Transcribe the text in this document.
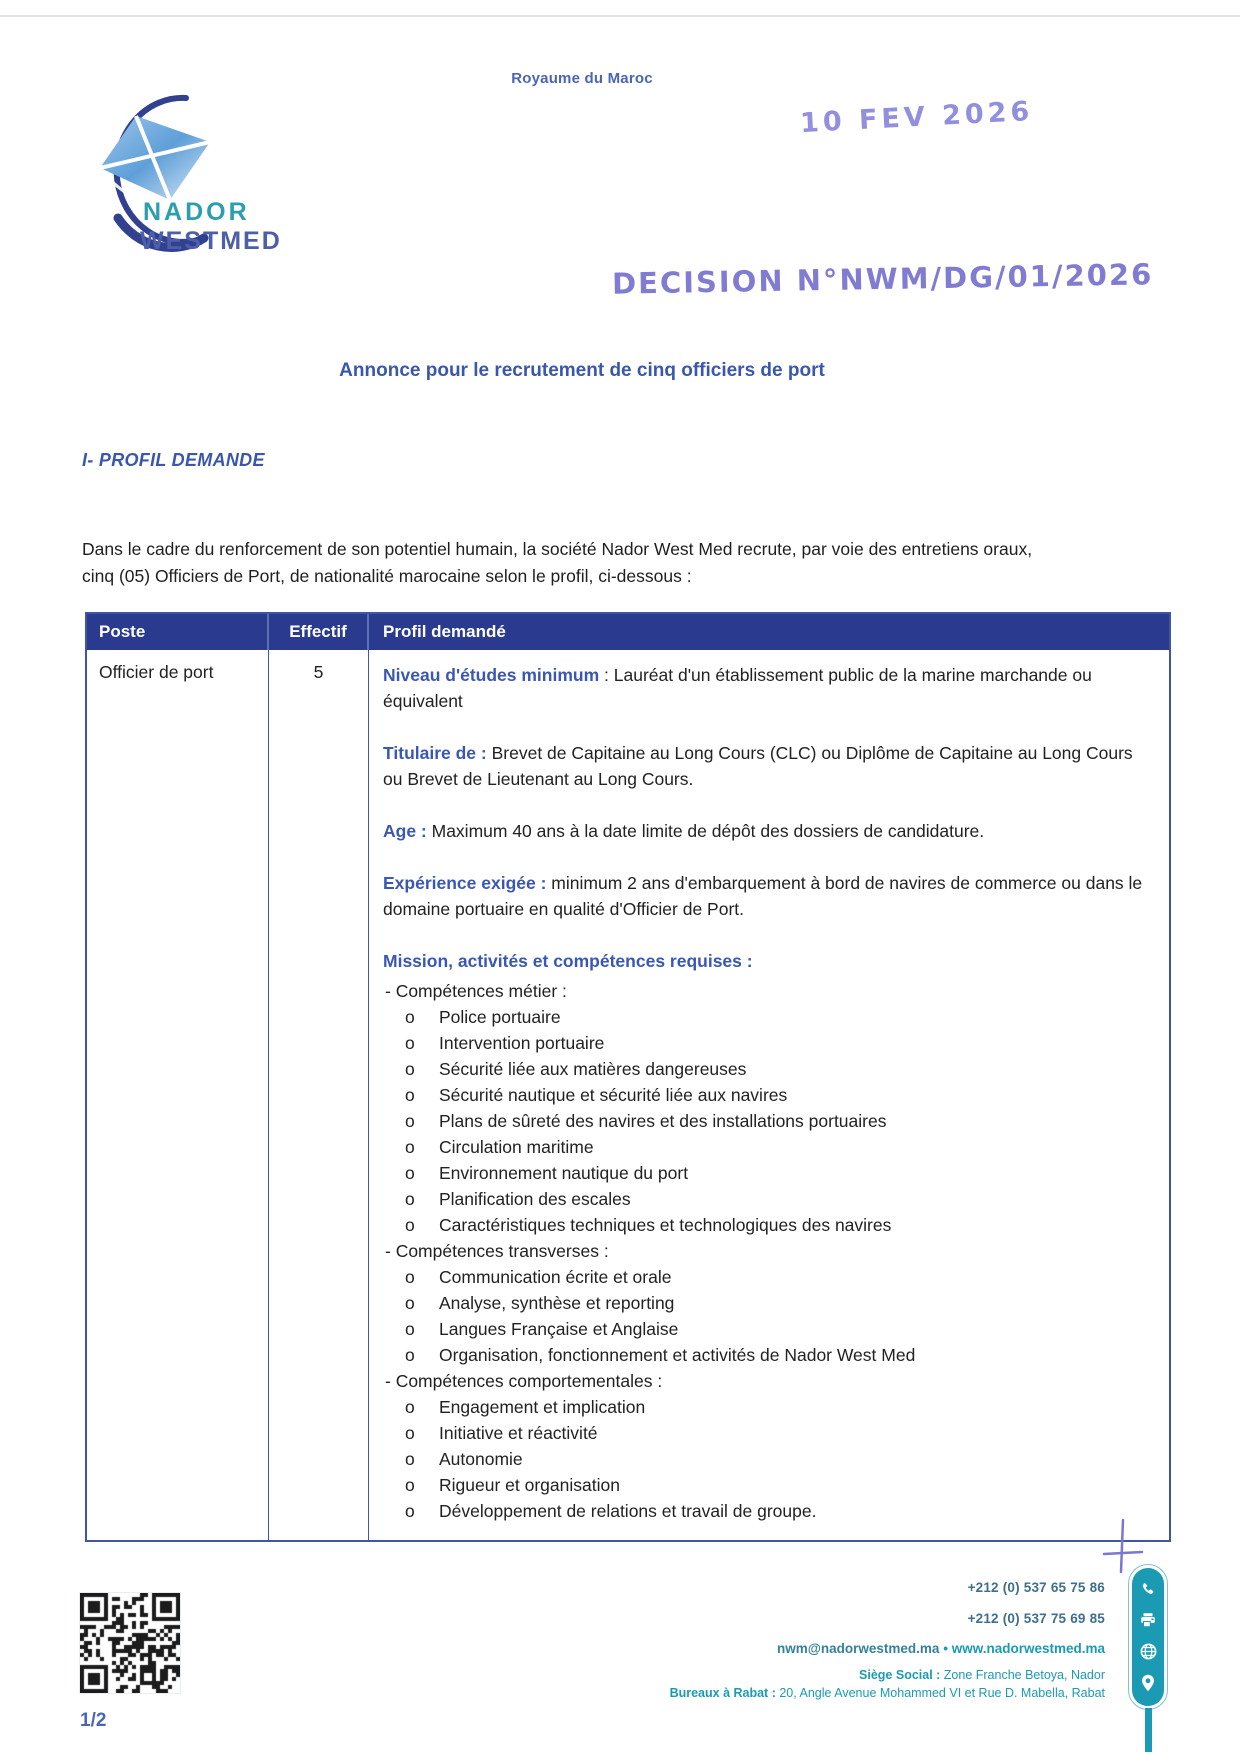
Royaume du Maroc
NADOR
WESTMED
10 FEV 2026
DECISION N°NWM/DG/01/2026
Annonce pour le recrutement de cinq officiers de port
I- PROFIL DEMANDE
Dans le cadre du renforcement de son potentiel humain, la société Nador West Med recrute, par voie des entretiens oraux, cinq (05) Officiers de Port, de nationalité marocaine selon le profil, ci-dessous :
Poste	Effectif	Profil demandé
Officier de port	5	Niveau d'études minimum : Lauréat d'un établissement public de la marine marchande ou équivalent
Titulaire de : Brevet de Capitaine au Long Cours (CLC) ou Diplôme de Capitaine au Long Cours ou Brevet de Lieutenant au Long Cours.
Age : Maximum 40 ans à la date limite de dépôt des dossiers de candidature.
Expérience exigée : minimum 2 ans d'embarquement à bord de navires de commerce ou dans le domaine portuaire en qualité d'Officier de Port.
Mission, activités et compétences requises :
- Compétences métier :
o	Police portuaire
o	Intervention portuaire
o	Sécurité liée aux matières dangereuses
o	Sécurité nautique et sécurité liée aux navires
o	Plans de sûreté des navires et des installations portuaires
o	Circulation maritime
o	Environnement nautique du port
o	Planification des escales
o	Caractéristiques techniques et technologiques des navires
- Compétences transverses :
o	Communication écrite et orale
o	Analyse, synthèse et reporting
o	Langues Française et Anglaise
o	Organisation, fonctionnement et activités de Nador West Med
- Compétences comportementales :
o	Engagement et implication
o	Initiative et réactivité
o	Autonomie
o	Rigueur et organisation
o	Développement de relations et travail de groupe.
1/2
+212 (0) 537 65 75 86
+212 (0) 537 75 69 85
nwm@nadorwestmed.ma • www.nadorwestmed.ma
Siège Social : Zone Franche Betoya, Nador
Bureaux à Rabat : 20, Angle Avenue Mohammed VI et Rue D. Mabella, Rabat
